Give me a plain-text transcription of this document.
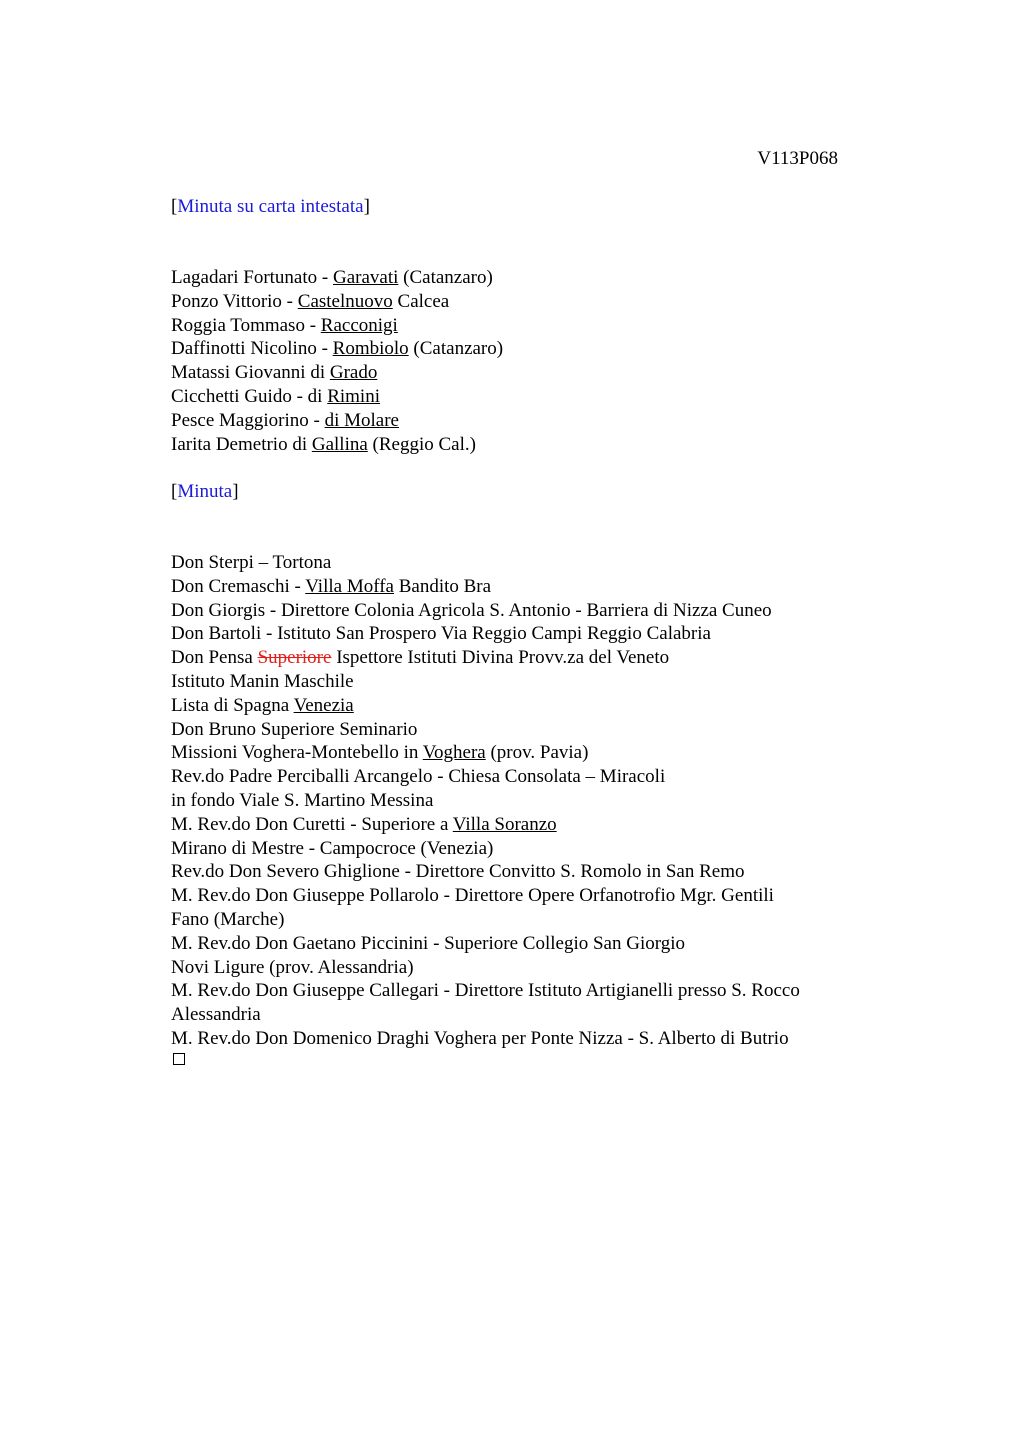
V113P068
[Minuta su carta intestata]
Lagadari Fortunato - Garavati (Catanzaro)
Ponzo Vittorio - Castelnuovo Calcea
Roggia Tommaso - Racconigi
Daffinotti Nicolino - Rombiolo (Catanzaro)
Matassi Giovanni di Grado
Cicchetti Guido - di Rimini
Pesce Maggiorino - di Molare
Iarita Demetrio di Gallina (Reggio Cal.)
[Minuta]
Don Sterpi – Tortona
Don Cremaschi - Villa Moffa Bandito Bra
Don Giorgis - Direttore Colonia Agricola S. Antonio - Barriera di Nizza Cuneo
Don Bartoli - Istituto San Prospero Via Reggio Campi Reggio Calabria
Don Pensa Superiore Ispettore Istituti Divina Provv.za del Veneto
Istituto Manin Maschile
Lista di Spagna Venezia
Don Bruno Superiore Seminario
Missioni Voghera-Montebello in Voghera (prov. Pavia)
Rev.do Padre Perciballi Arcangelo - Chiesa Consolata – Miracoli
in fondo Viale S. Martino Messina
M. Rev.do Don Curetti - Superiore a Villa Soranzo
Mirano di Mestre - Campocroce (Venezia)
Rev.do Don Severo Ghiglione - Direttore Convitto S. Romolo in San Remo
M. Rev.do Don Giuseppe Pollarolo - Direttore Opere Orfanotrofio Mgr. Gentili
Fano (Marche)
M. Rev.do Don Gaetano Piccinini - Superiore Collegio San Giorgio
Novi Ligure (prov. Alessandria)
M. Rev.do Don Giuseppe Callegari - Direttore Istituto Artigianelli presso S. Rocco
Alessandria
M. Rev.do Don Domenico Draghi Voghera per Ponte Nizza - S. Alberto di Butrio
